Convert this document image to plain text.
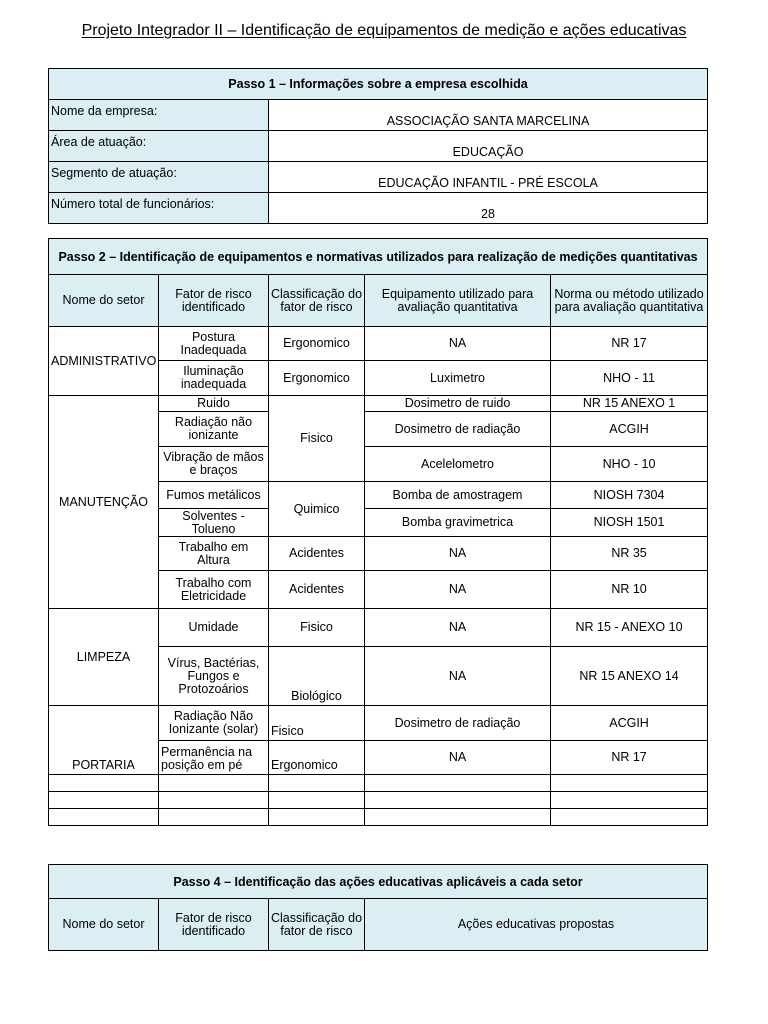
Projeto Integrador II – Identificação de equipamentos de medição e ações educativas
Passo 1 – Informações sobre a empresa escolhida	
Nome da empresa:	ASSOCIAÇÃO SANTA MARCELINA
Área de atuação:	EDUCAÇÃO
Segmento de atuação:	EDUCAÇÃO INFANTIL - PRÉ ESCOLA
Número total de funcionários:	28
Passo 2 – Identificação de equipamentos e normativas utilizados para realização de medições quantitativas				
Nome do setor	Fator de risco identificado	Classificação do fator de risco	Equipamento utilizado para avaliação quantitativa	Norma ou método utilizado para avaliação quantitativa
ADMINISTRATIVO	Postura Inadequada	Ergonomico	NA	NR 17
	Iluminação inadequada	Ergonomico	Luximetro	NHO - 11
MANUTENÇÃO	Ruido	Fisico	Dosimetro de ruido	NR 15 ANEXO 1
	Radiação não ionizante		Dosimetro de radiação	ACGIH
	Vibração de mãos e braços		Acelelometro	NHO - 10
	Fumos metálicos	Quimico	Bomba de amostragem	NIOSH 7304
	Solventes - Tolueno		Bomba gravimetrica	NIOSH 1501
	Trabalho em Altura	Acidentes	NA	NR 35
	Trabalho com Eletricidade	Acidentes	NA	NR 10
LIMPEZA	Umidade	Fisico	NA	NR 15 - ANEXO 10
	Vírus, Bactérias, Fungos e Protozoários	Biológico	NA	NR 15 ANEXO 14
PORTARIA	Radiação Não Ionizante (solar)	Fisico	Dosimetro de radiação	ACGIH
	Permanência na posição em pé	Ergonomico	NA	NR 17

Passo 4 – Identificação das ações educativas aplicáveis a cada setor
Nome do setor	Fator de risco identificado	Classificação do fator de risco	Ações educativas propostas
